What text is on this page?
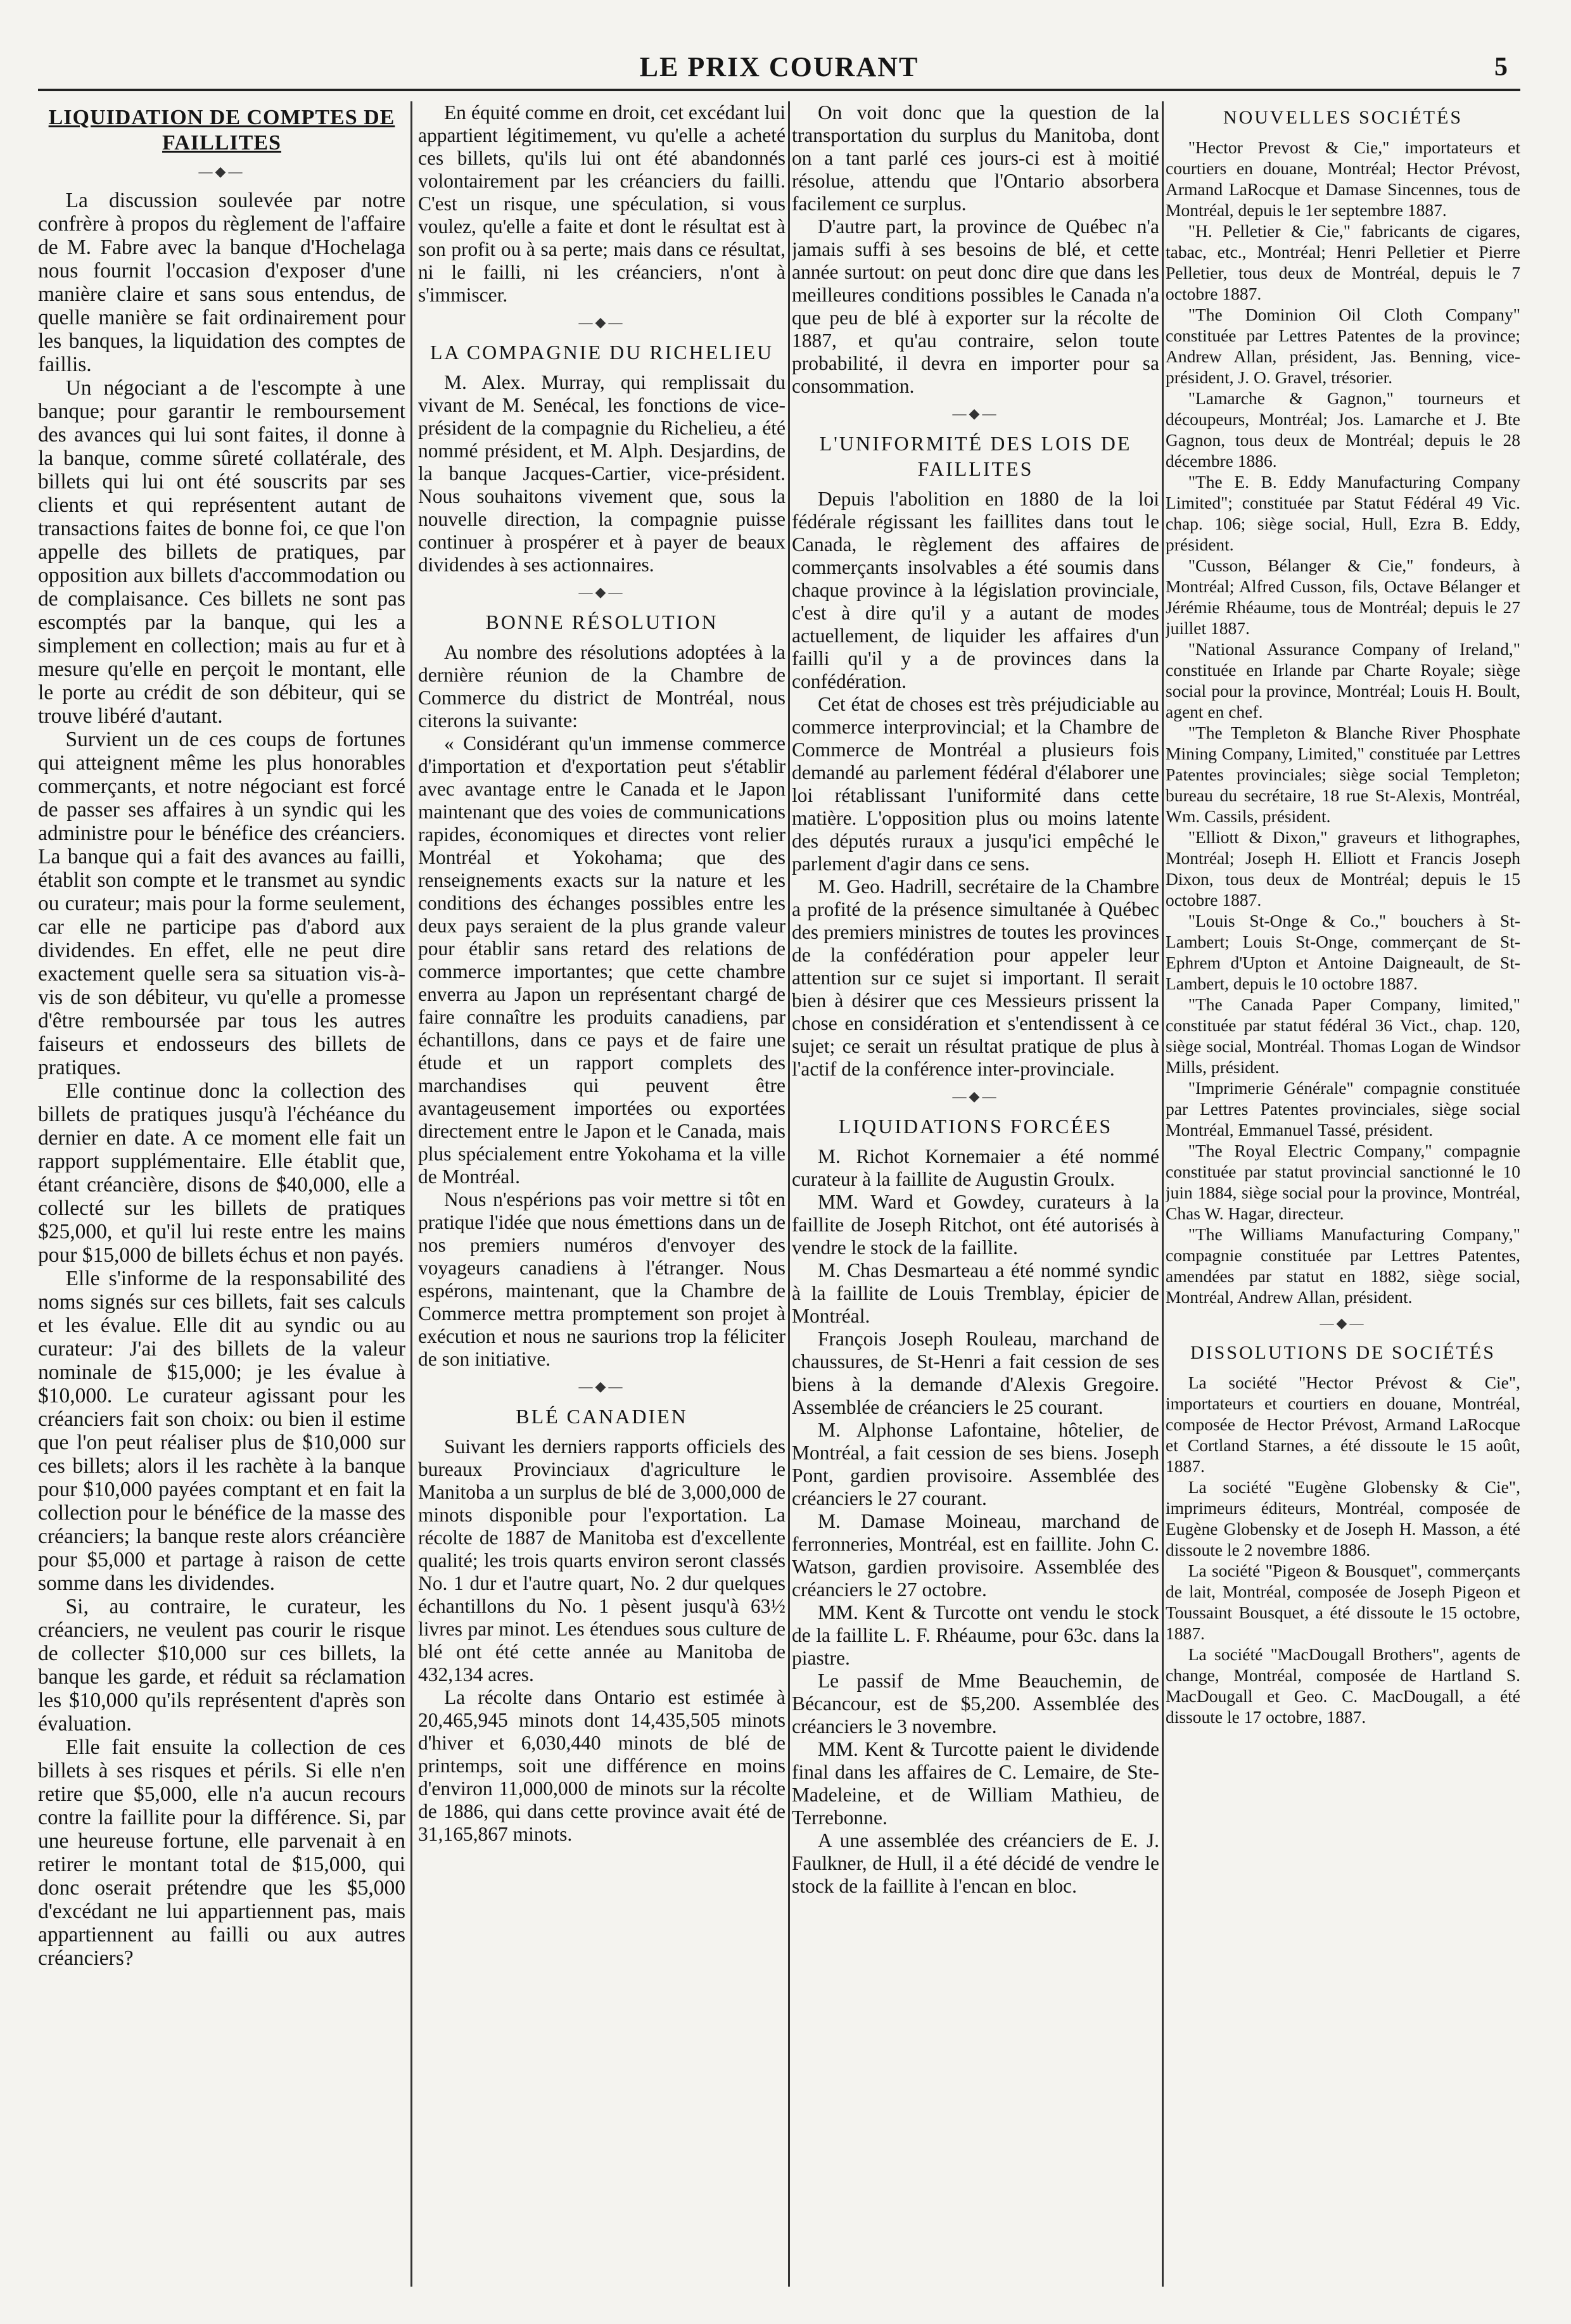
LE PRIX COURANT	5
LIQUIDATION DE COMPTES DE FAILLITES
—◆—

La discussion soulevée par notre confrère à propos du règlement de l'affaire de M. Fabre avec la banque d'Hochelaga nous fournit l'occasion d'exposer d'une manière claire et sans sous entendus, de quelle manière se fait ordinairement pour les banques, la liquidation des comptes de faillis.

Un négociant a de l'escompte à une banque; pour garantir le remboursement des avances qui lui sont faites, il donne à la banque, comme sûreté collatérale, des billets qui lui ont été souscrits par ses clients et qui représentent autant de transactions faites de bonne foi, ce que l'on appelle des billets de pratiques, par opposition aux billets d'accommodation ou de complaisance. Ces billets ne sont pas escomptés par la banque, qui les a simplement en collection; mais au fur et à mesure qu'elle en perçoit le montant, elle le porte au crédit de son débiteur, qui se trouve libéré d'autant.

Survient un de ces coups de fortunes qui atteignent même les plus honorables commerçants, et notre négociant est forcé de passer ses affaires à un syndic qui les administre pour le bénéfice des créanciers. La banque qui a fait des avances au failli, établit son compte et le transmet au syndic ou curateur; mais pour la forme seulement, car elle ne participe pas d'abord aux dividendes. En effet, elle ne peut dire exactement quelle sera sa situation vis-à-vis de son débiteur, vu qu'elle a promesse d'être remboursée par tous les autres faiseurs et endosseurs des billets de pratiques.

Elle continue donc la collection des billets de pratiques jusqu'à l'échéance du dernier en date. A ce moment elle fait un rapport supplémentaire. Elle établit que, étant créancière, disons de $40,000, elle a collecté sur les billets de pratiques $25,000, et qu'il lui reste entre les mains pour $15,000 de billets échus et non payés.

Elle s'informe de la responsabilité des noms signés sur ces billets, fait ses calculs et les évalue. Elle dit au syndic ou au curateur: J'ai des billets de la valeur nominale de $15,000; je les évalue à $10,000. Le curateur agissant pour les créanciers fait son choix: ou bien il estime que l'on peut réaliser plus de $10,000 sur ces billets; alors il les rachète à la banque pour $10,000 payées comptant et en fait la collection pour le bénéfice de la masse des créanciers; la banque reste alors créancière pour $5,000 et partage à raison de cette somme dans les dividendes.

Si, au contraire, le curateur, les créanciers, ne veulent pas courir le risque de collecter $10,000 sur ces billets, la banque les garde, et réduit sa réclamation les $10,000 qu'ils représentent d'après son évaluation.

Elle fait ensuite la collection de ces billets à ses risques et périls. Si elle n'en retire que $5,000, elle n'a aucun recours contre la faillite pour la différence. Si, par une heureuse fortune, elle parvenait à en retirer le montant total de $15,000, qui donc oserait prétendre que les $5,000 d'excédant ne lui appartiennent pas, mais appartiennent au failli ou aux autres créanciers?

En équité comme en droit, cet excédant lui appartient légitimement, vu qu'elle a acheté ces billets, qu'ils lui ont été abandonnés volontairement par les créanciers du failli. C'est un risque, une spéculation, si vous voulez, qu'elle a faite et dont le résultat est à son profit ou à sa perte; mais dans ce résultat, ni le failli, ni les créanciers, n'ont à s'immiscer.

—◆—
LA COMPAGNIE DU RICHELIEU

M. Alex. Murray, qui remplissait du vivant de M. Senécal, les fonctions de vice-président de la compagnie du Richelieu, a été nommé président, et M. Alph. Desjardins, de la banque Jacques-Cartier, vice-président. Nous souhaitons vivement que, sous la nouvelle direction, la compagnie puisse continuer à prospérer et à payer de beaux dividendes à ses actionnaires.

—◆—
BONNE RÉSOLUTION

Au nombre des résolutions adoptées à la dernière réunion de la Chambre de Commerce du district de Montréal, nous citerons la suivante:

« Considérant qu'un immense commerce d'importation et d'exportation peut s'établir avec avantage entre le Canada et le Japon maintenant que des voies de communications rapides, économiques et directes vont relier Montréal et Yokohama; que des renseignements exacts sur la nature et les conditions des échanges possibles entre les deux pays seraient de la plus grande valeur pour établir sans retard des relations de commerce importantes; que cette chambre enverra au Japon un représentant chargé de faire connaître les produits canadiens, par échantillons, dans ce pays et de faire une étude et un rapport complets des marchandises qui peuvent être avantageusement importées ou exportées directement entre le Japon et le Canada, mais plus spécialement entre Yokohama et la ville de Montréal.

Nous n'espérions pas voir mettre si tôt en pratique l'idée que nous émettions dans un de nos premiers numéros d'envoyer des voyageurs canadiens à l'étranger. Nous espérons, maintenant, que la Chambre de Commerce mettra promptement son projet à exécution et nous ne saurions trop la féliciter de son initiative.

—◆—
BLÉ CANADIEN

Suivant les derniers rapports officiels des bureaux Provinciaux d'agriculture le Manitoba a un surplus de blé de 3,000,000 de minots disponible pour l'exportation. La récolte de 1887 de Manitoba est d'excellente qualité; les trois quarts environ seront classés No. 1 dur et l'autre quart, No. 2 dur quelques échantillons du No. 1 pèsent jusqu'à 63½ livres par minot. Les étendues sous culture de blé ont été cette année au Manitoba de 432,134 acres.

La récolte dans Ontario est estimée à 20,465,945 minots dont 14,435,505 minots d'hiver et 6,030,440 minots de blé de printemps, soit une différence en moins d'environ 11,000,000 de minots sur la récolte de 1886, qui dans cette province avait été de 31,165,867 minots.

On voit donc que la question de la transportation du surplus du Manitoba, dont on a tant parlé ces jours-ci est à moitié résolue, attendu que l'Ontario absorbera facilement ce surplus.

D'autre part, la province de Québec n'a jamais suffi à ses besoins de blé, et cette année surtout: on peut donc dire que dans les meilleures conditions possibles le Canada n'a que peu de blé à exporter sur la récolte de 1887, et qu'au contraire, selon toute probabilité, il devra en importer pour sa consommation.

—◆—
L'UNIFORMITÉ DES LOIS DE FAILLITES

Depuis l'abolition en 1880 de la loi fédérale régissant les faillites dans tout le Canada, le règlement des affaires de commerçants insolvables a été soumis dans chaque province à la législation provinciale, c'est à dire qu'il y a autant de modes actuellement, de liquider les affaires d'un failli qu'il y a de provinces dans la confédération.

Cet état de choses est très préjudiciable au commerce interprovincial; et la Chambre de Commerce de Montréal a plusieurs fois demandé au parlement fédéral d'élaborer une loi rétablissant l'uniformité dans cette matière. L'opposition plus ou moins latente des députés ruraux a jusqu'ici empêché le parlement d'agir dans ce sens.

M. Geo. Hadrill, secrétaire de la Chambre a profité de la présence simultanée à Québec des premiers ministres de toutes les provinces de la confédération pour appeler leur attention sur ce sujet si important. Il serait bien à désirer que ces Messieurs prissent la chose en considération et s'entendissent à ce sujet; ce serait un résultat pratique de plus à l'actif de la conférence inter-provinciale.

—◆—
LIQUIDATIONS FORCÉES

M. Richot Kornemaier a été nommé curateur à la faillite de Augustin Groulx.

MM. Ward et Gowdey, curateurs à la faillite de Joseph Ritchot, ont été autorisés à vendre le stock de la faillite.

M. Chas Desmarteau a été nommé syndic à la faillite de Louis Tremblay, épicier de Montréal.

François Joseph Rouleau, marchand de chaussures, de St-Henri a fait cession de ses biens à la demande d'Alexis Gregoire. Assemblée de créanciers le 25 courant.

M. Alphonse Lafontaine, hôtelier, de Montréal, a fait cession de ses biens. Joseph Pont, gardien provisoire. Assemblée des créanciers le 27 courant.

M. Damase Moineau, marchand de ferronneries, Montréal, est en faillite. John C. Watson, gardien provisoire. Assemblée des créanciers le 27 octobre.

MM. Kent & Turcotte ont vendu le stock de la faillite L. F. Rhéaume, pour 63c. dans la piastre.

Le passif de Mme Beauchemin, de Bécancour, est de $5,200. Assemblée des créanciers le 3 novembre.

MM. Kent & Turcotte paient le dividende final dans les affaires de C. Lemaire, de Ste-Madeleine, et de William Mathieu, de Terrebonne.

A une assemblée des créanciers de E. J. Faulkner, de Hull, il a été décidé de vendre le stock de la faillite à l'encan en bloc.

NOUVELLES SOCIÉTÉS

"Hector Prevost & Cie," importateurs et courtiers en douane, Montréal; Hector Prévost, Armand LaRocque et Damase Sincennes, tous de Montréal, depuis le 1er septembre 1887.

"H. Pelletier & Cie," fabricants de cigares, tabac, etc., Montréal; Henri Pelletier et Pierre Pelletier, tous deux de Montréal, depuis le 7 octobre 1887.

"The Dominion Oil Cloth Company" constituée par Lettres Patentes de la province; Andrew Allan, président, Jas. Benning, vice-président, J. O. Gravel, trésorier.

"Lamarche & Gagnon," tourneurs et découpeurs, Montréal; Jos. Lamarche et J. Bte Gagnon, tous deux de Montréal; depuis le 28 décembre 1886.

"The E. B. Eddy Manufacturing Company Limited"; constituée par Statut Fédéral 49 Vic. chap. 106; siège social, Hull, Ezra B. Eddy, président.

"Cusson, Bélanger & Cie," fondeurs, à Montréal; Alfred Cusson, fils, Octave Bélanger et Jérémie Rhéaume, tous de Montréal; depuis le 27 juillet 1887.

"National Assurance Company of Ireland," constituée en Irlande par Charte Royale; siège social pour la province, Montréal; Louis H. Boult, agent en chef.

"The Templeton & Blanche River Phosphate Mining Company, Limited," constituée par Lettres Patentes provinciales; siège social Templeton; bureau du secrétaire, 18 rue St-Alexis, Montréal, Wm. Cassils, président.

"Elliott & Dixon," graveurs et lithographes, Montréal; Joseph H. Elliott et Francis Joseph Dixon, tous deux de Montréal; depuis le 15 octobre 1887.

"Louis St-Onge & Co.," bouchers à St-Lambert; Louis St-Onge, commerçant de St-Ephrem d'Upton et Antoine Daigneault, de St-Lambert, depuis le 10 octobre 1887.

"The Canada Paper Company, limited," constituée par statut fédéral 36 Vict., chap. 120, siège social, Montréal. Thomas Logan de Windsor Mills, président.

"Imprimerie Générale" compagnie constituée par Lettres Patentes provinciales, siège social Montréal, Emmanuel Tassé, président.

"The Royal Electric Company," compagnie constituée par statut provincial sanctionné le 10 juin 1884, siège social pour la province, Montréal, Chas W. Hagar, directeur.

"The Williams Manufacturing Company," compagnie constituée par Lettres Patentes, amendées par statut en 1882, siège social, Montréal, Andrew Allan, président.

—◆—
DISSOLUTIONS DE SOCIÉTÉS

La société "Hector Prévost & Cie", importateurs et courtiers en douane, Montréal, composée de Hector Prévost, Armand LaRocque et Cortland Starnes, a été dissoute le 15 août, 1887.

La société "Eugène Globensky & Cie", imprimeurs éditeurs, Montréal, composée de Eugène Globensky et de Joseph H. Masson, a été dissoute le 2 novembre 1886.

La société "Pigeon & Bousquet", commerçants de lait, Montréal, composée de Joseph Pigeon et Toussaint Bousquet, a été dissoute le 15 octobre, 1887.

La société "MacDougall Brothers", agents de change, Montréal, composée de Hartland S. MacDougall et Geo. C. MacDougall, a été dissoute le 17 octobre, 1887.
